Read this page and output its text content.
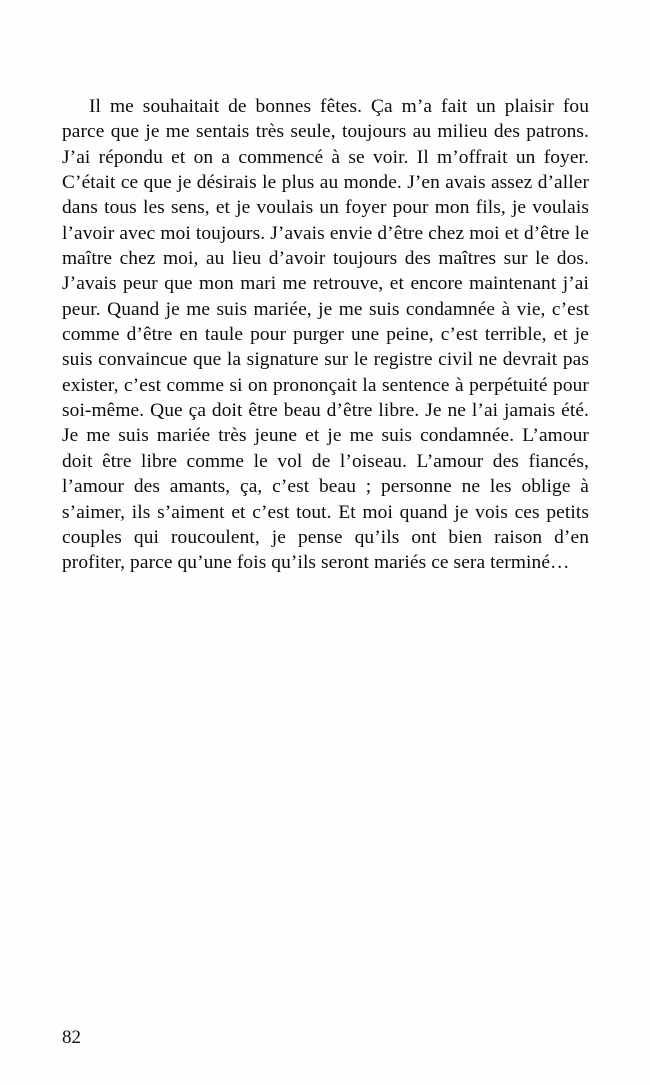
Il me souhaitait de bonnes fêtes. Ça m’a fait un plaisir fou parce que je me sentais très seule, toujours au milieu des patrons. J’ai répondu et on a commencé à se voir. Il m’offrait un foyer. C’était ce que je désirais le plus au monde. J’en avais assez d’aller dans tous les sens, et je voulais un foyer pour mon fils, je voulais l’avoir avec moi toujours. J’avais envie d’être chez moi et d’être le maître chez moi, au lieu d’avoir toujours des maîtres sur le dos. J’avais peur que mon mari me retrouve, et encore maintenant j’ai peur. Quand je me suis mariée, je me suis condamnée à vie, c’est comme d’être en taule pour purger une peine, c’est terrible, et je suis convaincue que la signature sur le registre civil ne devrait pas exister, c’est comme si on prononçait la sentence à perpétuité pour soi-même. Que ça doit être beau d’être libre. Je ne l’ai jamais été. Je me suis mariée très jeune et je me suis condamnée. L’amour doit être libre comme le vol de l’oiseau. L’amour des fiancés, l’amour des amants, ça, c’est beau ; personne ne les oblige à s’aimer, ils s’aiment et c’est tout. Et moi quand je vois ces petits couples qui roucoulent, je pense qu’ils ont bien raison d’en profiter, parce qu’une fois qu’ils seront mariés ce sera terminé…

82
